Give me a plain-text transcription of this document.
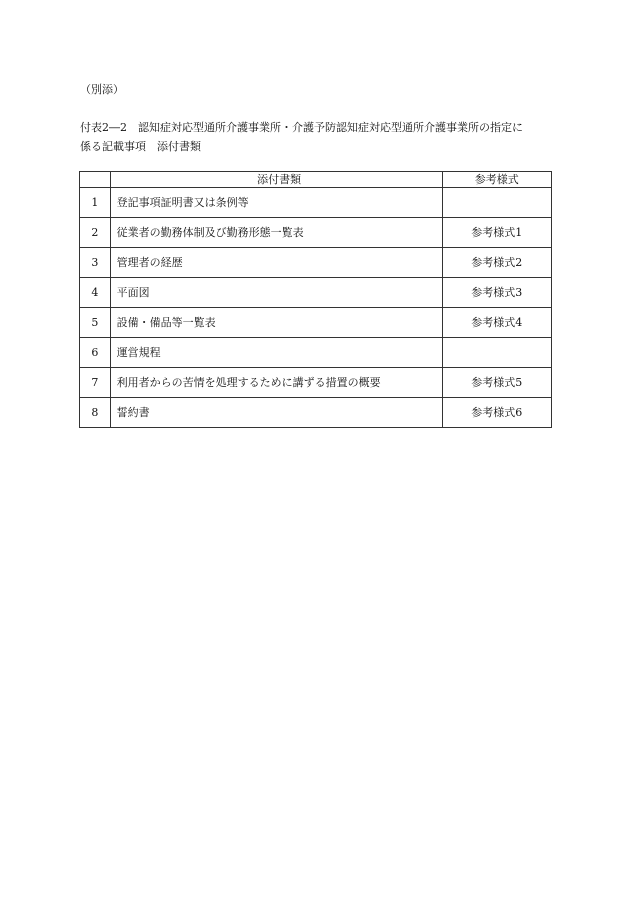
（別添）
付表2―2　認知症対応型通所介護事業所・介護予防認知症対応型通所介護事業所の指定に
係る記載事項　添付書類
	添付書類	参考様式
1	登記事項証明書又は条例等	
2	従業者の勤務体制及び勤務形態一覧表	参考様式1
3	管理者の経歴	参考様式2
4	平面図	参考様式3
5	設備・備品等一覧表	参考様式4
6	運営規程	
7	利用者からの苦情を処理するために講ずる措置の概要	参考様式5
8	誓約書	参考様式6
